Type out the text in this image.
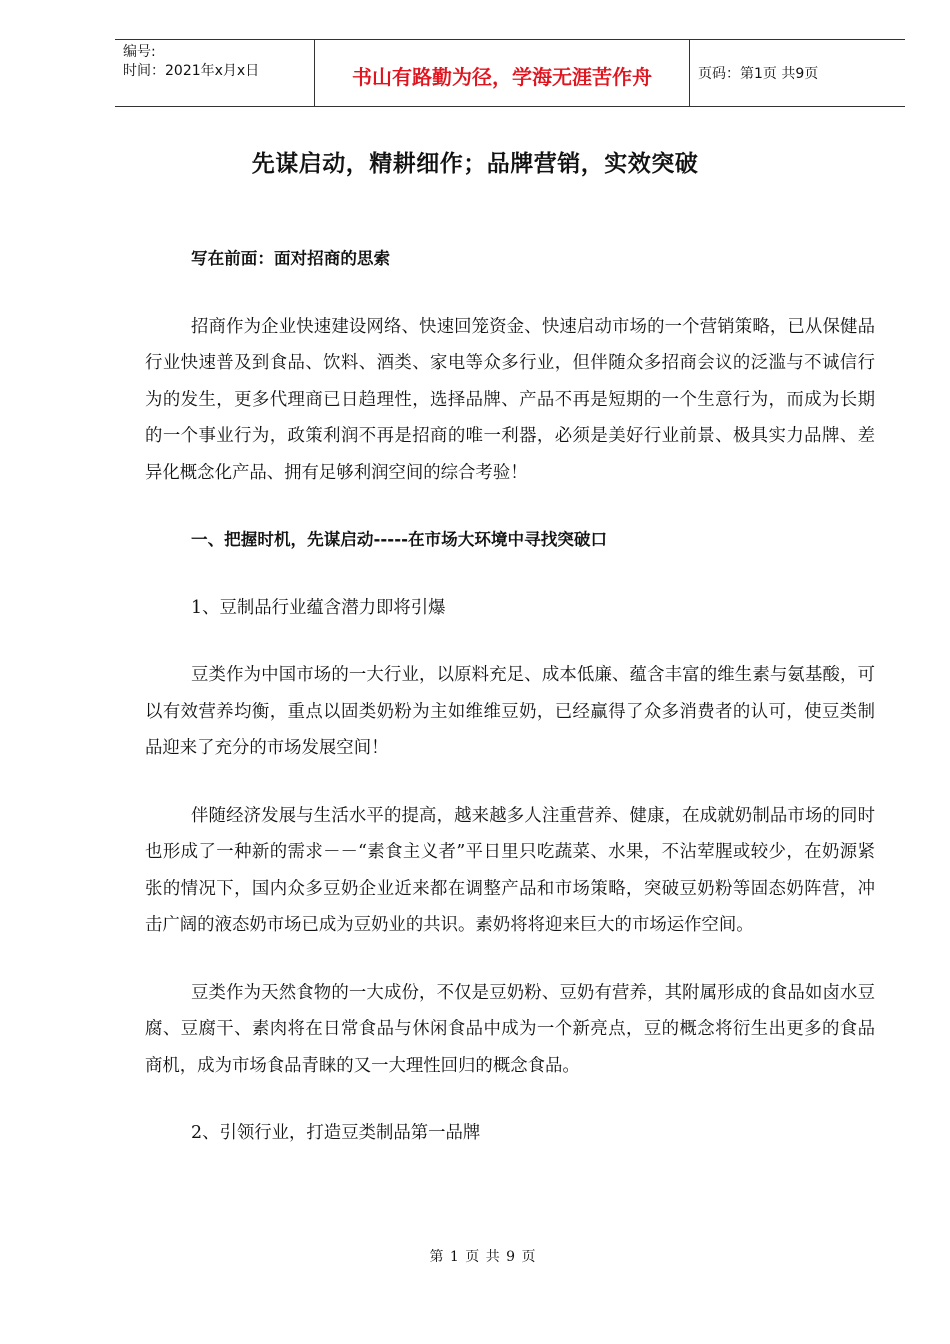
编号:
时间：2021年x月x日	书山有路勤为径，学海无涯苦作舟	页码：第1页 共9页
先谋启动，精耕细作；品牌营销，实效突破

写在前面：面对招商的思索

招商作为企业快速建设网络、快速回笼资金、快速启动市场的一个营销策略，已从保健品行业快速普及到食品、饮料、酒类、家电等众多行业，但伴随众多招商会议的泛滥与不诚信行为的发生，更多代理商已日趋理性，选择品牌、产品不再是短期的一个生意行为，而成为长期的一个事业行为，政策利润不再是招商的唯一利器，必须是美好行业前景、极具实力品牌、差异化概念化产品、拥有足够利润空间的综合考验！

一、把握时机，先谋启动-----在市场大环境中寻找突破口

1、豆制品行业蕴含潜力即将引爆

豆类作为中国市场的一大行业，以原料充足、成本低廉、蕴含丰富的维生素与氨基酸，可以有效营养均衡，重点以固类奶粉为主如维维豆奶，已经赢得了众多消费者的认可，使豆类制品迎来了充分的市场发展空间！

伴随经济发展与生活水平的提高，越来越多人注重营养、健康，在成就奶制品市场的同时也形成了一种新的需求－－“素食主义者”平日里只吃蔬菜、水果，不沾荤腥或较少，在奶源紧张的情况下，国内众多豆奶企业近来都在调整产品和市场策略，突破豆奶粉等固态奶阵营，冲击广阔的液态奶市场已成为豆奶业的共识。素奶将将迎来巨大的市场运作空间。

豆类作为天然食物的一大成份，不仅是豆奶粉、豆奶有营养，其附属形成的食品如卤水豆腐、豆腐干、素肉将在日常食品与休闲食品中成为一个新亮点，豆的概念将衍生出更多的食品商机，成为市场食品青睐的又一大理性回归的概念食品。

2、引领行业，打造豆类制品第一品牌

第 1 页 共 9 页
